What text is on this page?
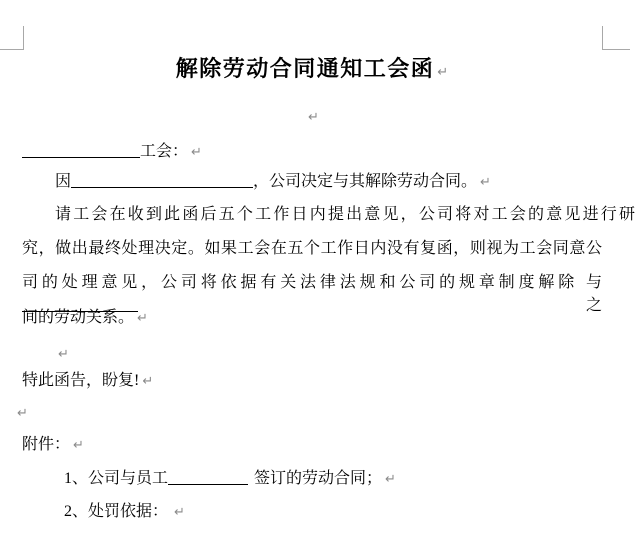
解除劳动合同通知工会函 ↵
↵
工会： ↵
因	，公司决定与其解除劳动合同。 ↵
请工会在收到此函后五个工作日内提出意见，公司将对工会的意见进行研
究，做出最终处理决定。如果工会在五个工作日内没有复函，则视为工会同意公
司的处理意见，公司将依据有关法律法规和公司的规章制度解除 与之
间的劳动关系。 ↵
↵
特此函告，盼复! ↵
↵
附件： ↵
1、公司与员工	签订的劳动合同； ↵
2、处罚依据： ↵
